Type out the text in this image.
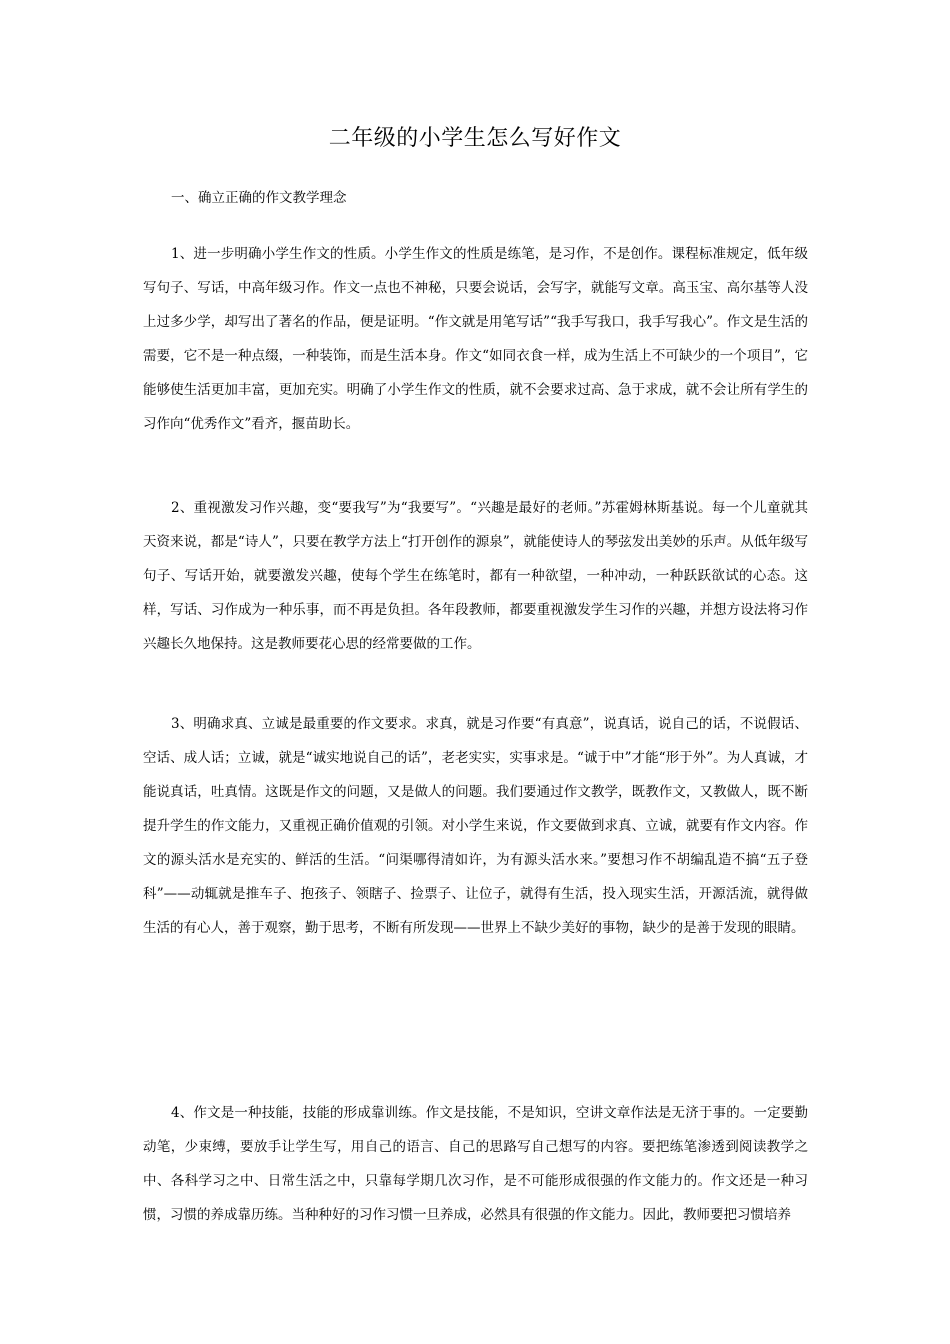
二年级的小学生怎么写好作文

一、确立正确的作文教学理念

1、进一步明确小学生作文的性质。小学生作文的性质是练笔，是习作，不是创作。课程标准规定，低年级写句子、写话，中高年级习作。作文一点也不神秘，只要会说话，会写字，就能写文章。高玉宝、高尔基等人没上过多少学，却写出了著名的作品，便是证明。“作文就是用笔写话”“我手写我口，我手写我心”。作文是生活的需要，它不是一种点缀，一种装饰，而是生活本身。作文“如同衣食一样，成为生活上不可缺少的一个项目”，它能够使生活更加丰富，更加充实。明确了小学生作文的性质，就不会要求过高、急于求成，就不会让所有学生的习作向“优秀作文”看齐，揠苗助长。

2、重视激发习作兴趣，变“要我写”为“我要写”。“兴趣是最好的老师。”苏霍姆林斯基说。每一个儿童就其天资来说，都是“诗人”，只要在教学方法上“打开创作的源泉”，就能使诗人的琴弦发出美妙的乐声。从低年级写句子、写话开始，就要激发兴趣，使每个学生在练笔时，都有一种欲望，一种冲动，一种跃跃欲试的心态。这样，写话、习作成为一种乐事，而不再是负担。各年段教师，都要重视激发学生习作的兴趣，并想方设法将习作兴趣长久地保持。这是教师要花心思的经常要做的工作。

3、明确求真、立诚是最重要的作文要求。求真，就是习作要“有真意”，说真话，说自己的话，不说假话、空话、成人话；立诚，就是“诚实地说自己的话”，老老实实，实事求是。“诚于中”才能“形于外”。为人真诚，才能说真话，吐真情。这既是作文的问题，又是做人的问题。我们要通过作文教学，既教作文，又教做人，既不断提升学生的作文能力，又重视正确价值观的引领。对小学生来说，作文要做到求真、立诚，就要有作文内容。作文的源头活水是充实的、鲜活的生活。“问渠哪得清如许，为有源头活水来。”要想习作不胡编乱造不搞“五子登科”——动辄就是推车子、抱孩子、领瞎子、捡票子、让位子，就得有生活，投入现实生活，开源活流，就得做生活的有心人，善于观察，勤于思考，不断有所发现——世界上不缺少美好的事物，缺少的是善于发现的眼睛。

4、作文是一种技能，技能的形成靠训练。作文是技能，不是知识，空讲文章作法是无济于事的。一定要勤动笔，少束缚，要放手让学生写，用自己的语言、自己的思路写自己想写的内容。要把练笔渗透到阅读教学之中、各科学习之中、日常生活之中，只靠每学期几次习作，是不可能形成很强的作文能力的。作文还是一种习惯，习惯的养成靠历练。当种种好的习作习惯一旦养成，必然具有很强的作文能力。因此，教师要把习惯培养
